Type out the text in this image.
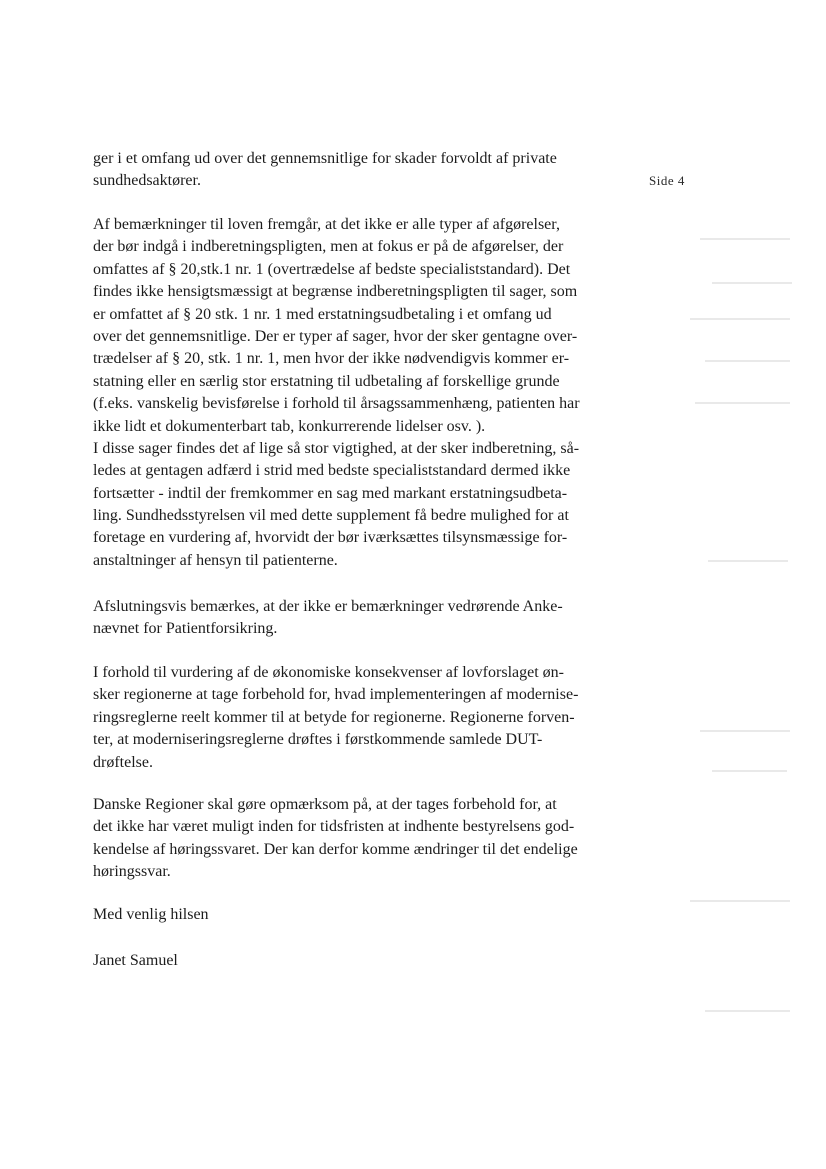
Side 4
ger i et omfang ud over det gennemsnitlige for skader forvoldt af private
sundhedsaktører.
Af bemærkninger til loven fremgår, at det ikke er alle typer af afgørelser,
der bør indgå i indberetningspligten, men at fokus er på de afgørelser, der
omfattes af § 20,stk.1 nr. 1 (overtrædelse af bedste specialiststandard). Det
findes ikke hensigtsmæssigt at begrænse indberetningspligten til sager, som
er omfattet af § 20 stk. 1 nr. 1 med erstatningsudbetaling i et omfang ud
over det gennemsnitlige. Der er typer af sager, hvor der sker gentagne over-
trædelser af § 20, stk. 1 nr. 1, men hvor der ikke nødvendigvis kommer er-
statning eller en særlig stor erstatning til udbetaling af forskellige grunde
(f.eks. vanskelig bevisførelse i forhold til årsagssammenhæng, patienten har
ikke lidt et dokumenterbart tab, konkurrerende lidelser osv. ).
I disse sager findes det af lige så stor vigtighed, at der sker indberetning, så-
ledes at gentagen adfærd i strid med bedste specialiststandard dermed ikke
fortsætter - indtil der fremkommer en sag med markant erstatningsudbeta-
ling. Sundhedsstyrelsen vil med dette supplement få bedre mulighed for at
foretage en vurdering af, hvorvidt der bør iværksættes tilsynsmæssige for-
anstaltninger af hensyn til patienterne.
Afslutningsvis bemærkes, at der ikke er bemærkninger vedrørende Anke-
nævnet for Patientforsikring.
I forhold til vurdering af de økonomiske konsekvenser af lovforslaget øn-
sker regionerne at tage forbehold for, hvad implementeringen af modernise-
ringsreglerne reelt kommer til at betyde for regionerne. Regionerne forven-
ter, at moderniseringsreglerne drøftes i førstkommende samlede DUT-
drøftelse.
Danske Regioner skal gøre opmærksom på, at der tages forbehold for, at
det ikke har været muligt inden for tidsfristen at indhente bestyrelsens god-
kendelse af høringssvaret. Der kan derfor komme ændringer til det endelige
høringssvar.
Med venlig hilsen
Janet Samuel
